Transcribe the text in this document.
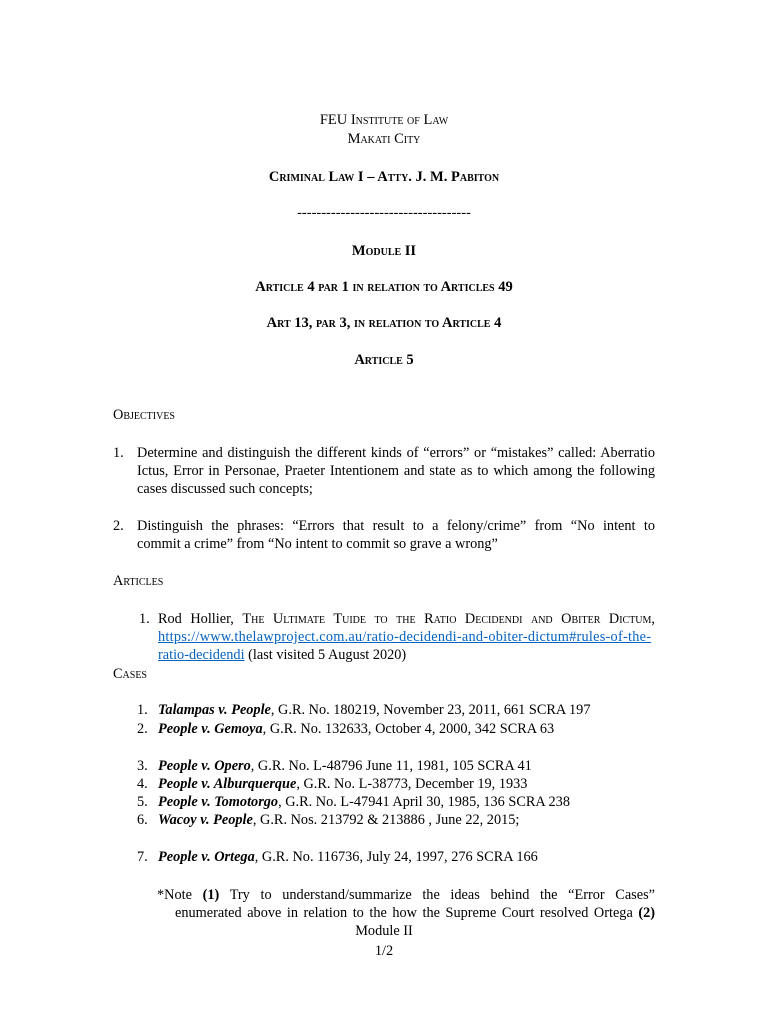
FEU Institute of Law
Makati City
Criminal Law I – Atty. J. M. Pabiton
------------------------------------
Module II
Article 4 par 1 in relation to Articles 49
Art 13, par 3, in relation to Article 4
Article 5
Objectives
1. Determine and distinguish the different kinds of “errors” or “mistakes” called: Aberratio
Ictus, Error in Personae, Praeter Intentionem and state as to which among the following
cases discussed such concepts;
2. Distinguish the phrases: “Errors that result to a felony/crime” from “No intent to
commit a crime” from “No intent to commit so grave a wrong”
Articles
1. Rod Hollier, The Ultimate Tuide to the Ratio Decidendi and Obiter Dictum,
https://www.thelawproject.com.au/ratio-decidendi-and-obiter-dictum#rules-of-the-
ratio-decidendi (last visited 5 August 2020)
Cases
1. Talampas v. People, G.R. No. 180219, November 23, 2011, 661 SCRA 197
2. People v. Gemoya, G.R. No. 132633, October 4, 2000, 342 SCRA 63
3. People v. Opero, G.R. No. L-48796 June 11, 1981, 105 SCRA 41
4. People v. Alburquerque, G.R. No. L-38773, December 19, 1933
5. People v. Tomotorgo, G.R. No. L-47941 April 30, 1985, 136 SCRA 238
6. Wacoy v. People, G.R. Nos. 213792 & 213886 , June 22, 2015;
7. People v. Ortega, G.R. No. 116736, July 24, 1997, 276 SCRA 166
*Note (1) Try to understand/summarize the ideas behind the “Error Cases”
enumerated above in relation to the how the Supreme Court resolved Ortega (2)
Module II
1/2
